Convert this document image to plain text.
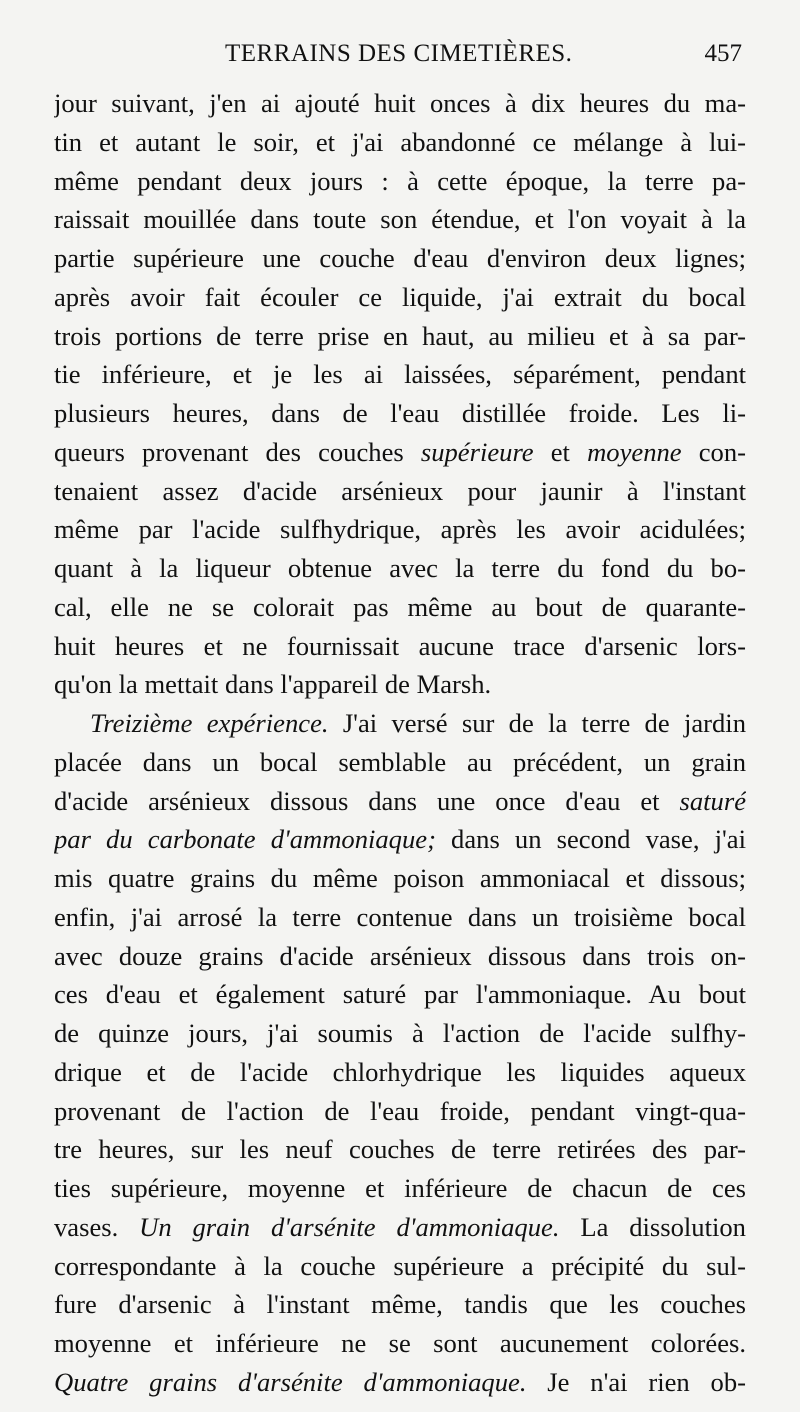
TERRAINS DES CIMETIÈRES.	457
jour suivant, j'en ai ajouté huit onces à dix heures du ma-
tin et autant le soir, et j'ai abandonné ce mélange à lui-
même pendant deux jours : à cette époque, la terre pa-
raissait mouillée dans toute son étendue, et l'on voyait à la
partie supérieure une couche d'eau d'environ deux lignes;
après avoir fait écouler ce liquide, j'ai extrait du bocal
trois portions de terre prise en haut, au milieu et à sa par-
tie inférieure, et je les ai laissées, séparément, pendant
plusieurs heures, dans de l'eau distillée froide. Les li-
queurs provenant des couches supérieure et moyenne con-
tenaient assez d'acide arsénieux pour jaunir à l'instant
même par l'acide sulfhydrique, après les avoir acidulées;
quant à la liqueur obtenue avec la terre du fond du bo-
cal, elle ne se colorait pas même au bout de quarante-
huit heures et ne fournissait aucune trace d'arsenic lors-
qu'on la mettait dans l'appareil de Marsh.
Treizième expérience. J'ai versé sur de la terre de jardin
placée dans un bocal semblable au précédent, un grain
d'acide arsénieux dissous dans une once d'eau et saturé
par du carbonate d'ammoniaque; dans un second vase, j'ai
mis quatre grains du même poison ammoniacal et dissous;
enfin, j'ai arrosé la terre contenue dans un troisième bocal
avec douze grains d'acide arsénieux dissous dans trois on-
ces d'eau et également saturé par l'ammoniaque. Au bout
de quinze jours, j'ai soumis à l'action de l'acide sulfhy-
drique et de l'acide chlorhydrique les liquides aqueux
provenant de l'action de l'eau froide, pendant vingt-qua-
tre heures, sur les neuf couches de terre retirées des par-
ties supérieure, moyenne et inférieure de chacun de ces
vases. Un grain d'arsénite d'ammoniaque. La dissolution
correspondante à la couche supérieure a précipité du sul-
fure d'arsenic à l'instant même, tandis que les couches
moyenne et inférieure ne se sont aucunement colorées.
Quatre grains d'arsénite d'ammoniaque. Je n'ai rien ob-
